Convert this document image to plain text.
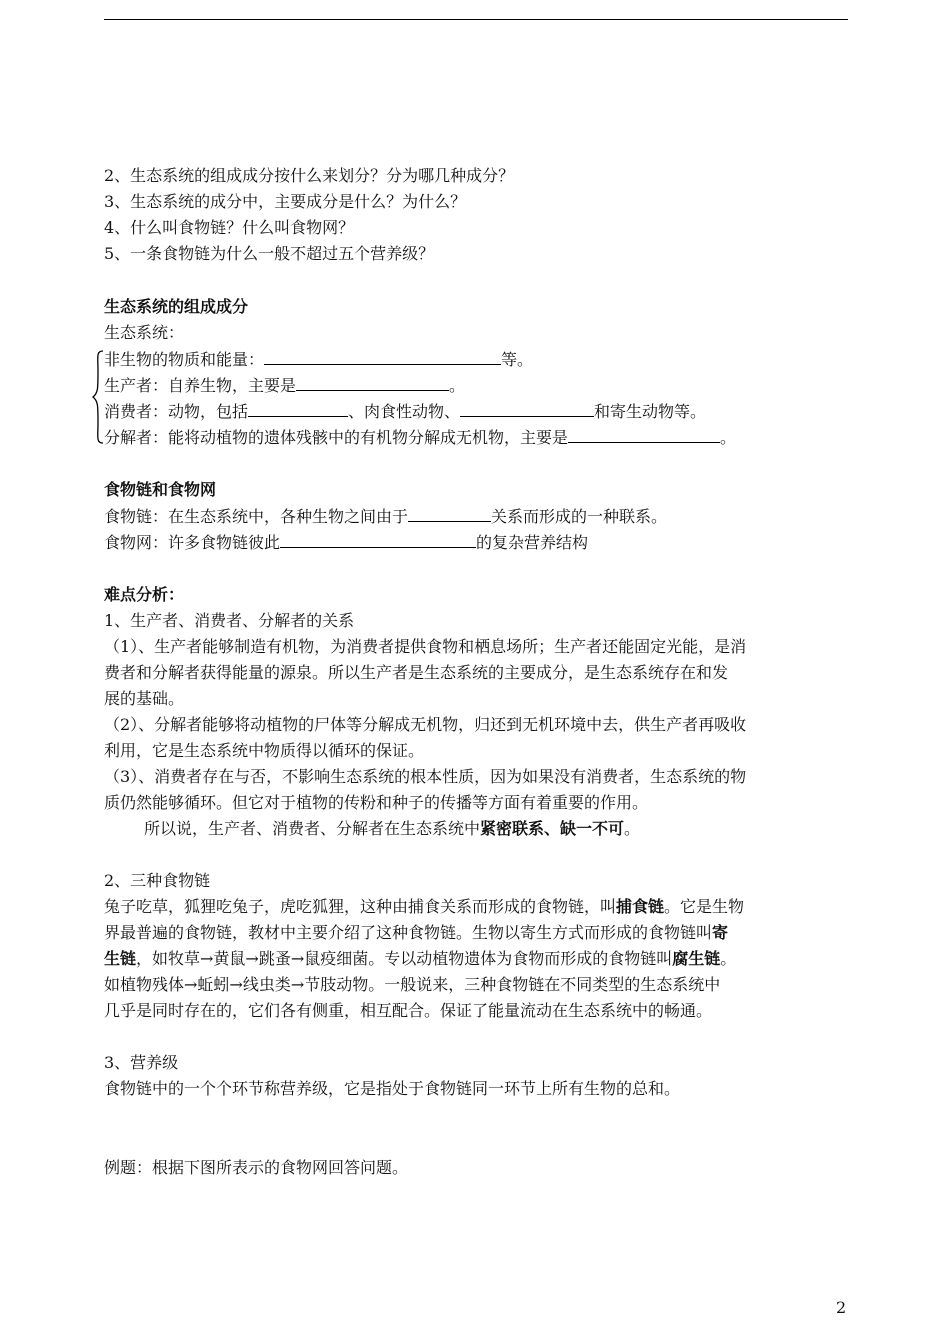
2、生态系统的组成成分按什么来划分？分为哪几种成分？
3、生态系统的成分中，主要成分是什么？为什么？
4、什么叫食物链？什么叫食物网？
5、一条食物链为什么一般不超过五个营养级？
生态系统的组成成分
生态系统：
非生物的物质和能量：	等。
生产者：自养生物，主要是	。
消费者：动物，包括	、肉食性动物、	和寄生动物等。
分解者：能将动植物的遗体残骸中的有机物分解成无机物，主要是	。
食物链和食物网
食物链：在生态系统中，各种生物之间由于	关系而形成的一种联系。
食物网：许多食物链彼此	的复杂营养结构
难点分析：
1、生产者、消费者、分解者的关系
（1）、生产者能够制造有机物，为消费者提供食物和栖息场所；生产者还能固定光能，是消
费者和分解者获得能量的源泉。所以生产者是生态系统的主要成分，是生态系统存在和发
展的基础。
（2）、分解者能够将动植物的尸体等分解成无机物，归还到无机环境中去，供生产者再吸收
利用，它是生态系统中物质得以循环的保证。
（3）、消费者存在与否，不影响生态系统的根本性质，因为如果没有消费者，生态系统的物
质仍然能够循环。但它对于植物的传粉和种子的传播等方面有着重要的作用。
所以说，生产者、消费者、分解者在生态系统中紧密联系、缺一不可。
2、三种食物链
兔子吃草，狐狸吃兔子，虎吃狐狸，这种由捕食关系而形成的食物链，叫捕食链。它是生物
界最普遍的食物链，教材中主要介绍了这种食物链。生物以寄生方式而形成的食物链叫寄
生链，如牧草→黄鼠→跳蚤→鼠疫细菌。专以动植物遗体为食物而形成的食物链叫腐生链。
如植物残体→蚯蚓→线虫类→节肢动物。一般说来，三种食物链在不同类型的生态系统中
几乎是同时存在的，它们各有侧重，相互配合。保证了能量流动在生态系统中的畅通。
3、营养级
食物链中的一个个环节称营养级，它是指处于食物链同一环节上所有生物的总和。
例题：根据下图所表示的食物网回答问题。
2
